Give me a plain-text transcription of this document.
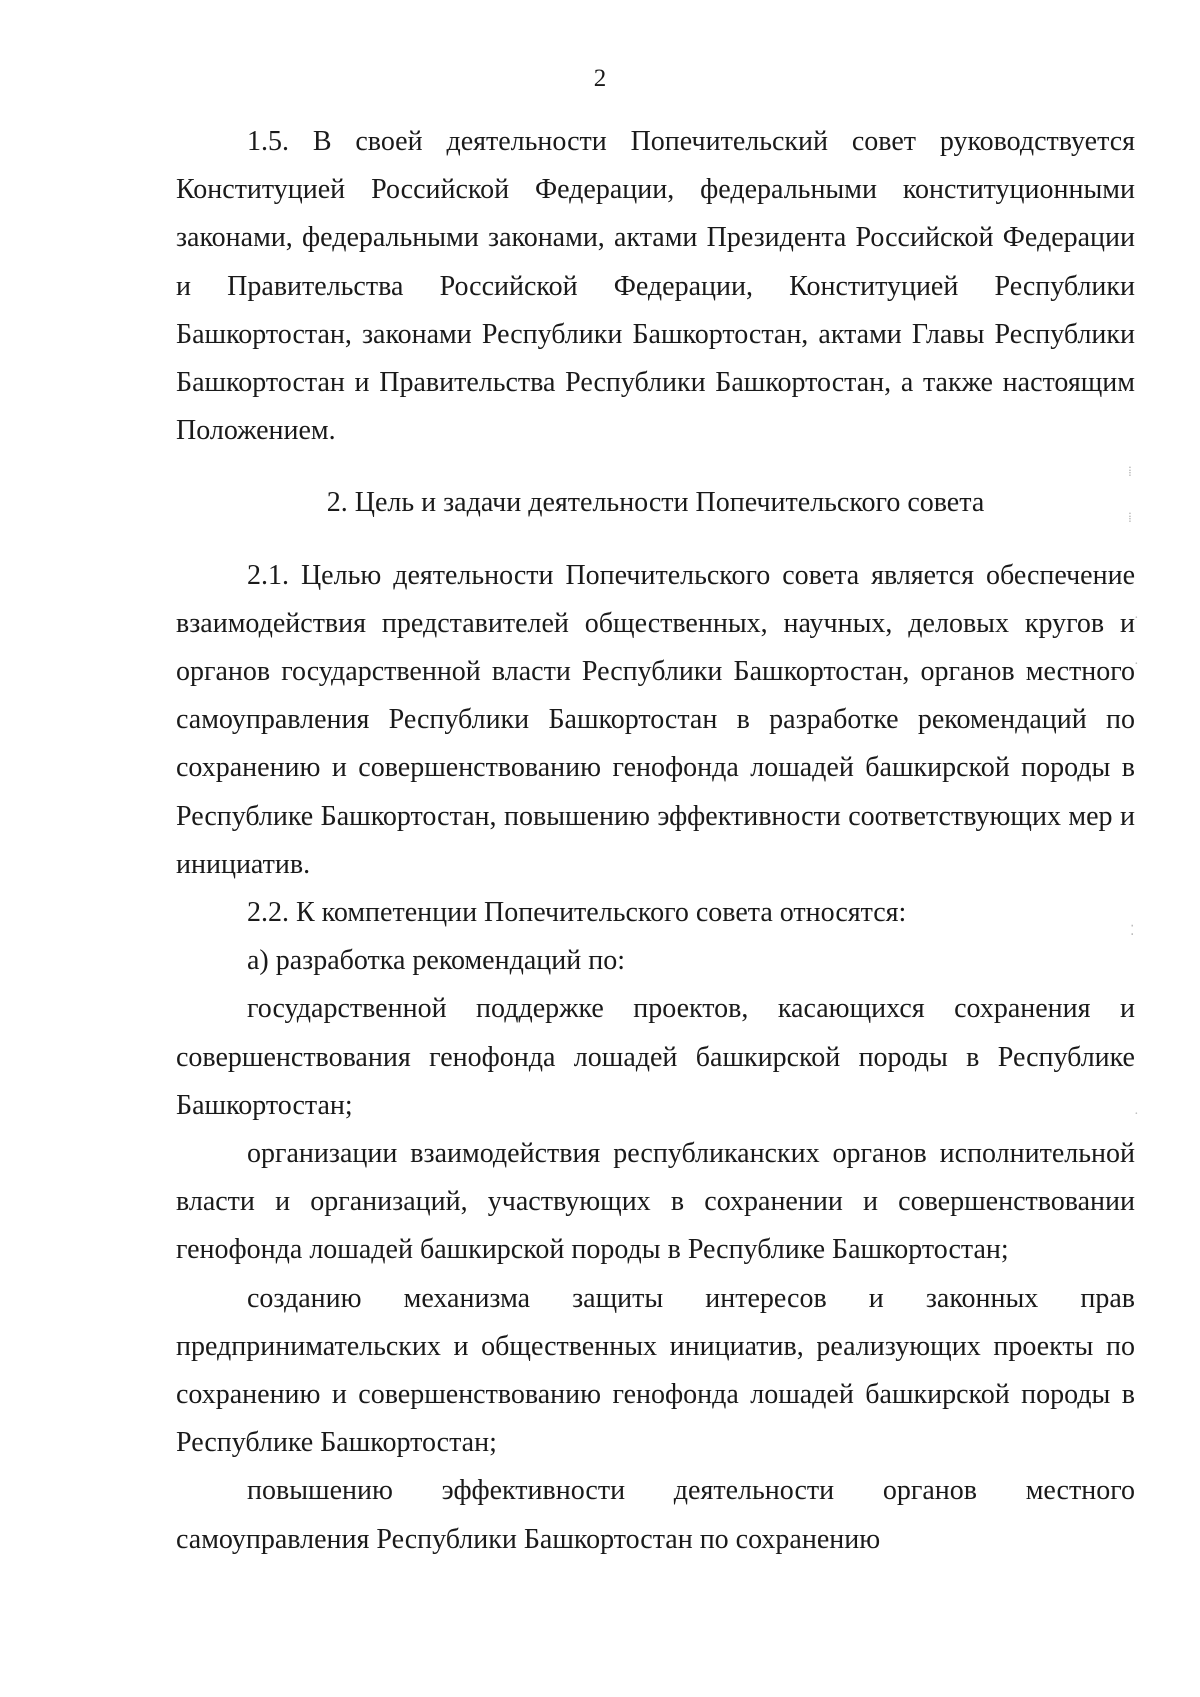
2

1.5. В своей деятельности Попечительский совет руководствуется Конституцией Российской Федерации, федеральными конституционными законами, федеральными законами, актами Президента Российской Федерации и Правительства Российской Федерации, Конституцией Республики Башкортостан, законами Республики Башкортостан, актами Главы Республики Башкортостан и Правительства Республики Башкортостан, а также настоящим Положением.

2. Цель и задачи деятельности Попечительского совета

2.1. Целью деятельности Попечительского совета является обеспечение взаимодействия представителей общественных, научных, деловых кругов и органов государственной власти Республики Башкортостан, органов местного самоуправления Республики Башкортостан в разработке рекомендаций по сохранению и совершенствованию генофонда лошадей башкирской породы в Республике Башкортостан, повышению эффективности соответствующих мер и инициатив.

2.2. К компетенции Попечительского совета относятся:

а) разработка рекомендаций по:

государственной поддержке проектов, касающихся сохранения и совершенствования генофонда лошадей башкирской породы в Республике Башкортостан;

организации взаимодействия республиканских органов исполнительной власти и организаций, участвующих в сохранении и совершенствовании генофонда лошадей башкирской породы в Республике Башкортостан;

созданию механизма защиты интересов и законных прав предпринимательских и общественных инициатив, реализующих проекты по сохранению и совершенствованию генофонда лошадей башкирской породы в Республике Башкортостан;

повышению эффективности деятельности органов местного самоуправления Республики Башкортостан по сохранению

⁞
⁞
·
·
⁚
·
